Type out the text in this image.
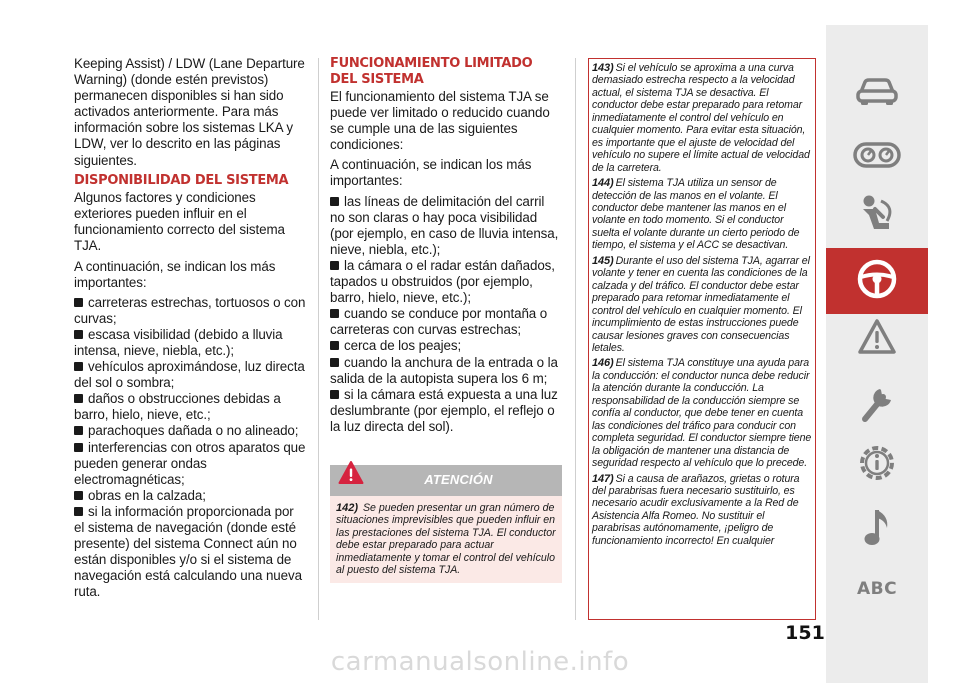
Keeping Assist) / LDW (Lane Departure Warning) (donde estén previstos) permanecen disponibles si han sido activados anteriormente. Para más información sobre los sistemas LKA y LDW, ver lo descrito en las páginas siguientes.
DISPONIBILIDAD DEL SISTEMA
Algunos factores y condiciones exteriores pueden influir en el funcionamiento correcto del sistema TJA.
A continuación, se indican los más importantes:
carreteras estrechas, tortuosos o con curvas;
escasa visibilidad (debido a lluvia intensa, nieve, niebla, etc.);
vehículos aproximándose, luz directa del sol o sombra;
daños o obstrucciones debidas a barro, hielo, nieve, etc.;
parachoques dañada o no alineado;
interferencias con otros aparatos que pueden generar ondas electromagnéticas;
obras en la calzada;
si la información proporcionada por el sistema de navegación (donde esté presente) del sistema Connect aún no están disponibles y/o si el sistema de navegación está calculando una nueva ruta.
FUNCIONAMIENTO LIMITADO DEL SISTEMA
El funcionamiento del sistema TJA se puede ver limitado o reducido cuando se cumple una de las siguientes condiciones:
A continuación, se indican los más importantes:
las líneas de delimitación del carril no son claras o hay poca visibilidad (por ejemplo, en caso de lluvia intensa, nieve, niebla, etc.);
la cámara o el radar están dañados, tapados u obstruidos (por ejemplo, barro, hielo, nieve, etc.);
cuando se conduce por montaña o carreteras con curvas estrechas;
cerca de los peajes;
cuando la anchura de la entrada o la salida de la autopista supera los 6 m;
si la cámara está expuesta a una luz deslumbrante (por ejemplo, el reflejo o la luz directa del sol).
ATENCIÓN
142) Se pueden presentar un gran número de situaciones imprevisibles que pueden influir en las prestaciones del sistema TJA. El conductor debe estar preparado para actuar inmediatamente y tomar el control del vehículo al puesto del sistema TJA.
143) Si el vehículo se aproxima a una curva demasiado estrecha respecto a la velocidad actual, el sistema TJA se desactiva. El conductor debe estar preparado para retomar inmediatamente el control del vehículo en cualquier momento. Para evitar esta situación, es importante que el ajuste de velocidad del vehículo no supere el límite actual de velocidad de la carretera.
144) El sistema TJA utiliza un sensor de detección de las manos en el volante. El conductor debe mantener las manos en el volante en todo momento. Si el conductor suelta el volante durante un cierto periodo de tiempo, el sistema y el ACC se desactivan.
145) Durante el uso del sistema TJA, agarrar el volante y tener en cuenta las condiciones de la calzada y del tráfico. El conductor debe estar preparado para retomar inmediatamente el control del vehículo en cualquier momento. El incumplimiento de estas instrucciones puede causar lesiones graves con consecuencias letales.
146) El sistema TJA constituye una ayuda para la conducción: el conductor nunca debe reducir la atención durante la conducción. La responsabilidad de la conducción siempre se confía al conductor, que debe tener en cuenta las condiciones del tráfico para conducir con completa seguridad. El conductor siempre tiene la obligación de mantener una distancia de seguridad respecto al vehículo que lo precede.
147) Si a causa de arañazos, grietas o rotura del parabrisas fuera necesario sustituirlo, es necesario acudir exclusivamente a la Red de Asistencia Alfa Romeo. No sustituir el parabrisas autónomamente, ¡peligro de funcionamiento incorrecto! En cualquier
ABC
151
carmanualsonline.info
